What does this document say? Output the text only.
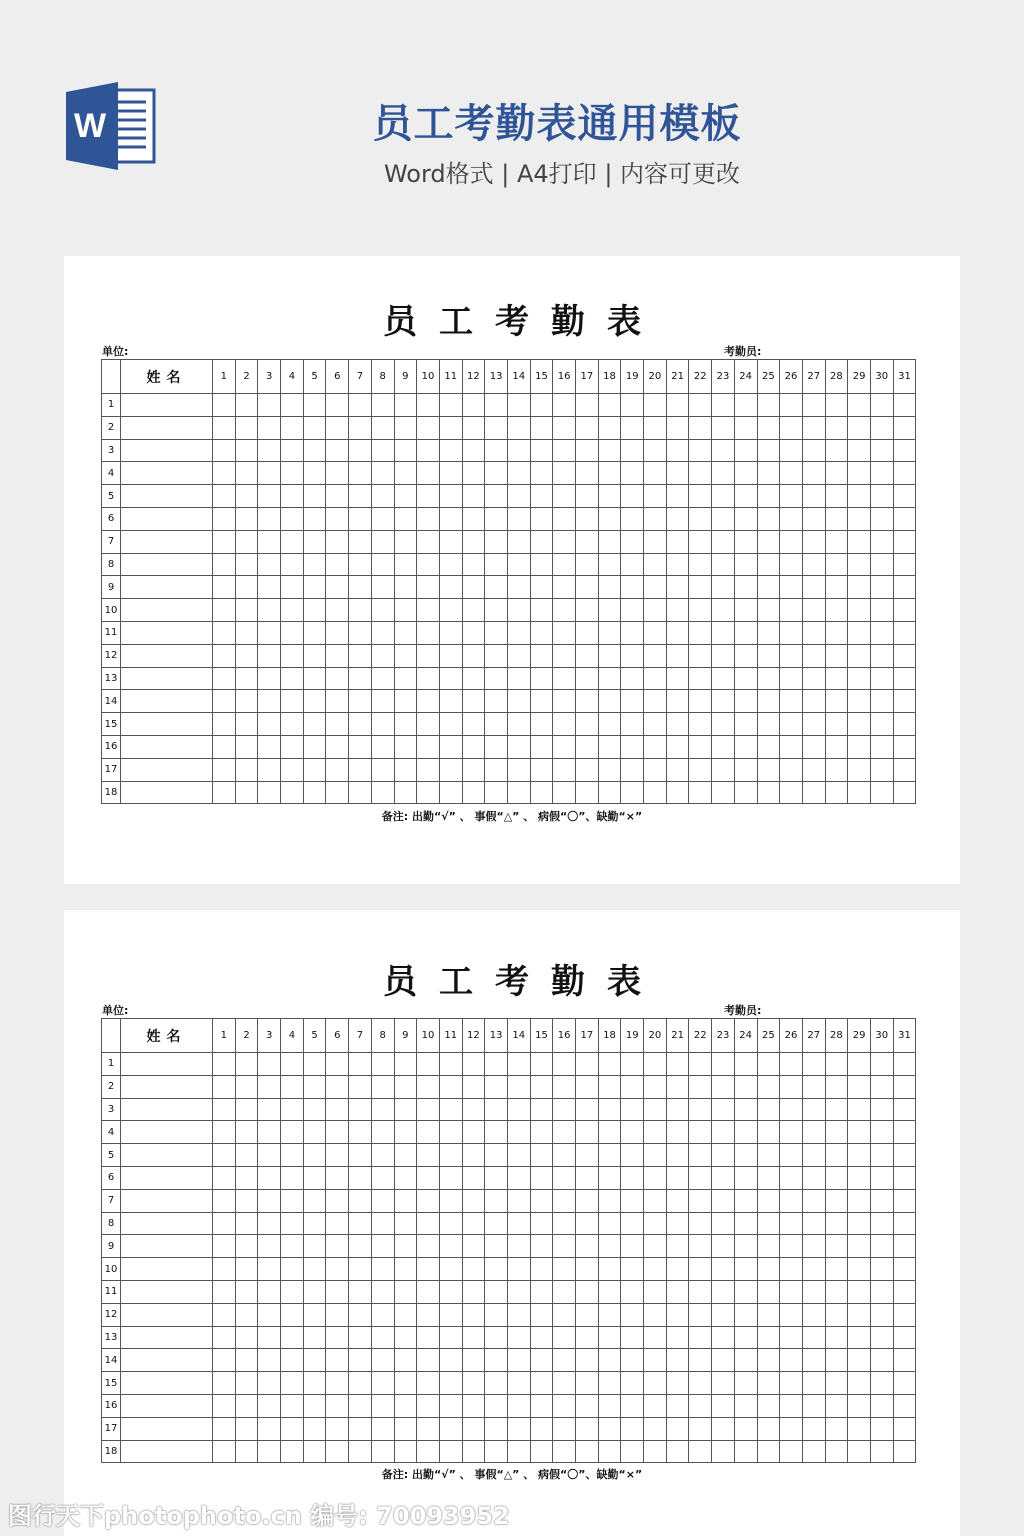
W	员工考勤表通用模板
Word格式 | A4打印 | 内容可更改
员工考勤表
单位:	考勤员:
	姓名	1	2	3	4	5	6	7	8	9	10	11	12	13	14	15	16	17	18	19	20	21	22	23	24	25	26	27	28	29	30	31
1																																
2																																
3																																
4																																
5																																
6																																
7																																
8																																
9																																
10																																
11																																
12																																
13																																
14																																
15																																
16																																
17																																
18																																
备注: 出勤“√” 、 事假“△” 、 病假“〇”、缺勤“×”
员工考勤表
单位:	考勤员:
	姓名	1	2	3	4	5	6	7	8	9	10	11	12	13	14	15	16	17	18	19	20	21	22	23	24	25	26	27	28	29	30	31
1																																
2																																
3																																
4																																
5																																
6																																
7																																
8																																
9																																
10																																
11																																
12																																
13																																
14																																
15																																
16																																
17																																
18																																
备注: 出勤“√” 、 事假“△” 、 病假“〇”、缺勤“×”
图行天下photophoto.cn 编号: 70093952
